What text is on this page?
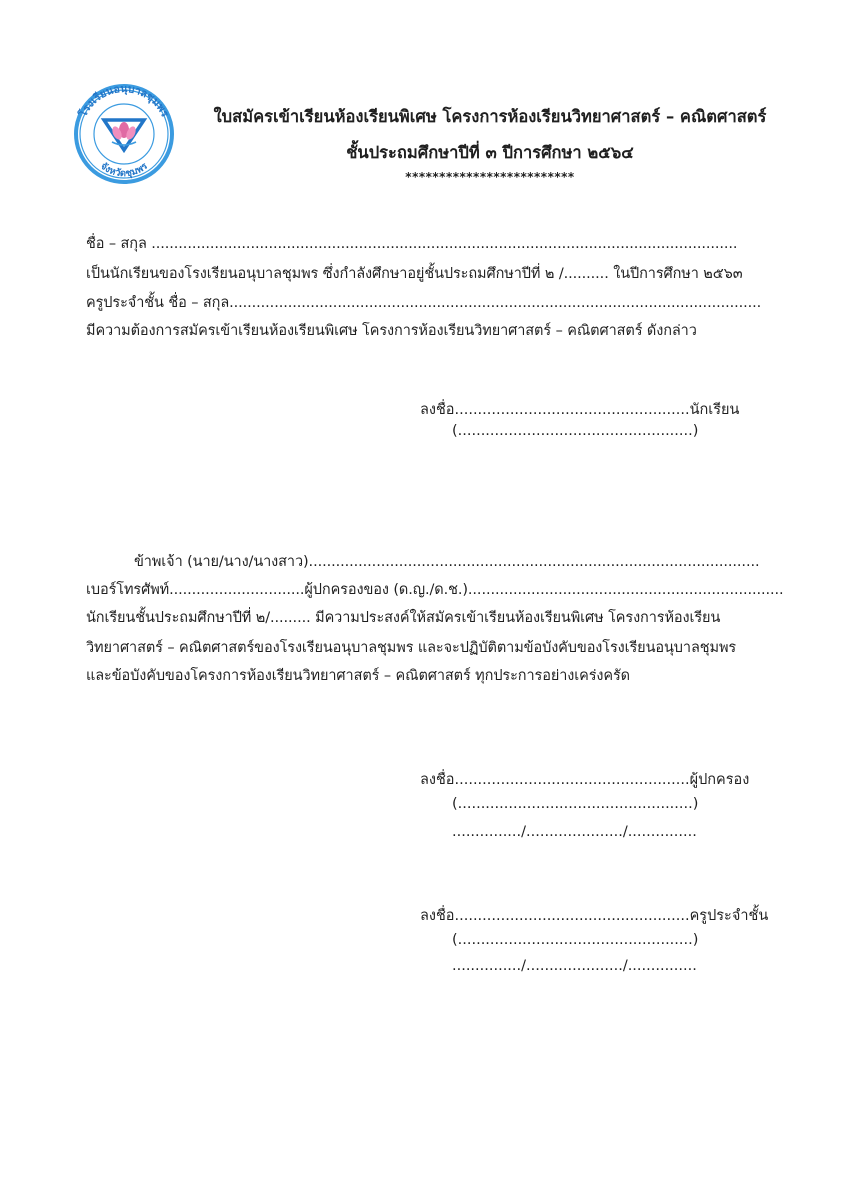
โรงเรียนอนุบาลชุมพร
จังหวัดชุมพร
ใบสมัครเข้าเรียนห้องเรียนพิเศษ โครงการห้องเรียนวิทยาศาสตร์ – คณิตศาสตร์
ชั้นประถมศึกษาปีที่ ๓ ปีการศึกษา ๒๕๖๔
*************************
ชื่อ – สกุล ..................................................................................................................................
เป็นนักเรียนของโรงเรียนอนุบาลชุมพร ซึ่งกำลังศึกษาอยู่ชั้นประถมศึกษาปีที่ ๒ /.......... ในปีการศึกษา ๒๕๖๓
ครูประจำชั้น ชื่อ – สกุล......................................................................................................................
มีความต้องการสมัครเข้าเรียนห้องเรียนพิเศษ โครงการห้องเรียนวิทยาศาสตร์ – คณิตศาสตร์ ดังกล่าว
ลงชื่อ...................................................นักเรียน
(...................................................)
ข้าพเจ้า (นาย/นาง/นางสาว)....................................................................................................
เบอร์โทรศัพท์..............................ผู้ปกครองของ (ด.ญ./ด.ช.)......................................................................
นักเรียนชั้นประถมศึกษาปีที่ ๒/......... มีความประสงค์ให้สมัครเข้าเรียนห้องเรียนพิเศษ โครงการห้องเรียน
วิทยาศาสตร์ – คณิตศาสตร์ของโรงเรียนอนุบาลชุมพร และจะปฏิบัติตามข้อบังคับของโรงเรียนอนุบาลชุมพร
และข้อบังคับของโครงการห้องเรียนวิทยาศาสตร์ – คณิตศาสตร์ ทุกประการอย่างเคร่งครัด
ลงชื่อ...................................................ผู้ปกครอง
(...................................................)
.............../...................../...............
ลงชื่อ...................................................ครูประจำชั้น
(...................................................)
.............../...................../...............
